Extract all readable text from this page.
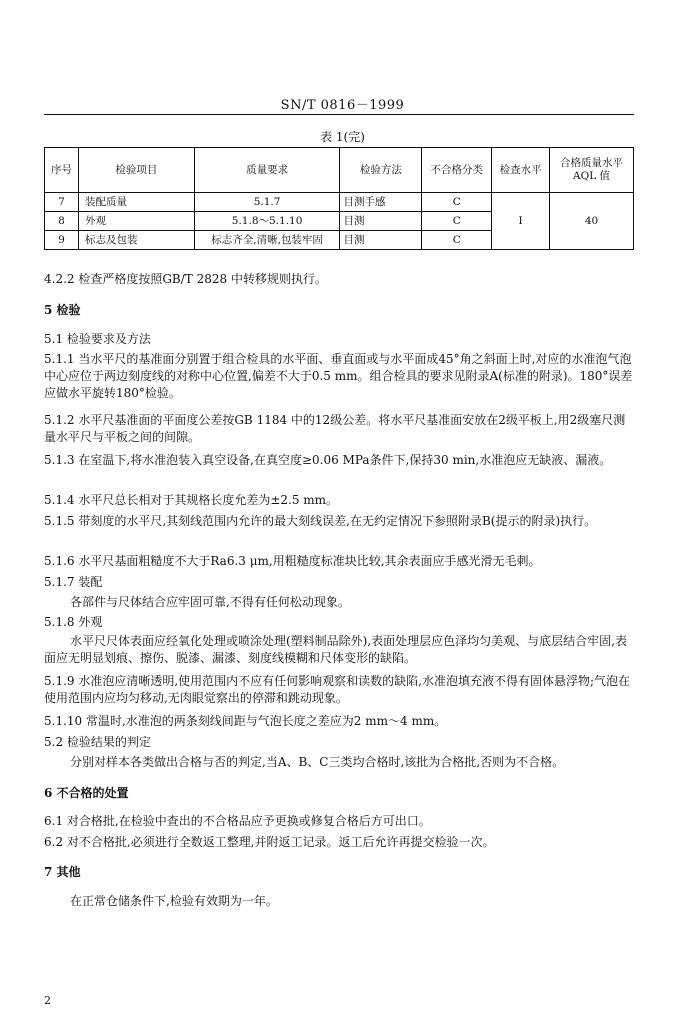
SN/T 0816－1999
表 1(完)
序号	检验项目	质量要求	检验方法	不合格分类	检查水平	合格质量水平 AQL 值
7	装配质量	5.1.7	目测手感	C	Ⅰ	40
8	外观	5.1.8～5.1.10	目测	C		
9	标志及包装	标志齐全,清晰,包装牢固	目测	C		
4.2.2 检查严格度按照GB/T 2828 中转移规则执行。
5 检验
5.1 检验要求及方法
5.1.1 当水平尺的基准面分别置于组合检具的水平面、垂直面或与水平面成45°角之斜面上时,对应的水准泡气泡中心应位于两边刻度线的对称中心位置,偏差不大于0.5 mm。组合检具的要求见附录A(标准的附录)。180°误差应做水平旋转180°检验。
5.1.2 水平尺基准面的平面度公差按GB 1184 中的12级公差。将水平尺基准面安放在2级平板上,用2级塞尺测量水平尺与平板之间的间隙。
5.1.3 在室温下,将水准泡装入真空设备,在真空度≥0.06 MPa条件下,保持30 min,水准泡应无缺液、漏液。
5.1.4 水平尺总长相对于其规格长度允差为±2.5 mm。
5.1.5 带刻度的水平尺,其刻线范围内允许的最大刻线误差,在无约定情况下参照附录B(提示的附录)执行。
5.1.6 水平尺基面粗糙度不大于Ra6.3 μm,用粗糙度标准块比较,其余表面应手感光滑无毛刺。
5.1.7 装配
各部件与尺体结合应牢固可靠,不得有任何松动现象。
5.1.8 外观
水平尺尺体表面应经氧化处理或喷涂处理(塑料制品除外),表面处理层应色泽均匀美观、与底层结合牢固,表面应无明显划痕、擦伤、脱漆、漏漆、刻度线模糊和尺体变形的缺陷。
5.1.9 水准泡应清晰透明,使用范围内不应有任何影响观察和读数的缺陷,水准泡填充液不得有固体悬浮物;气泡在使用范围内应均匀移动,无肉眼觉察出的停滞和跳动现象。
5.1.10 常温时,水准泡的两条刻线间距与气泡长度之差应为2 mm～4 mm。
5.2 检验结果的判定
分别对样本各类做出合格与否的判定,当A、B、C三类均合格时,该批为合格批,否则为不合格。
6 不合格的处置
6.1 对合格批,在检验中查出的不合格品应予更换或修复合格后方可出口。
6.2 对不合格批,必须进行全数返工整理,并附返工记录。返工后允许再提交检验一次。
7 其他
在正常仓储条件下,检验有效期为一年。
2
